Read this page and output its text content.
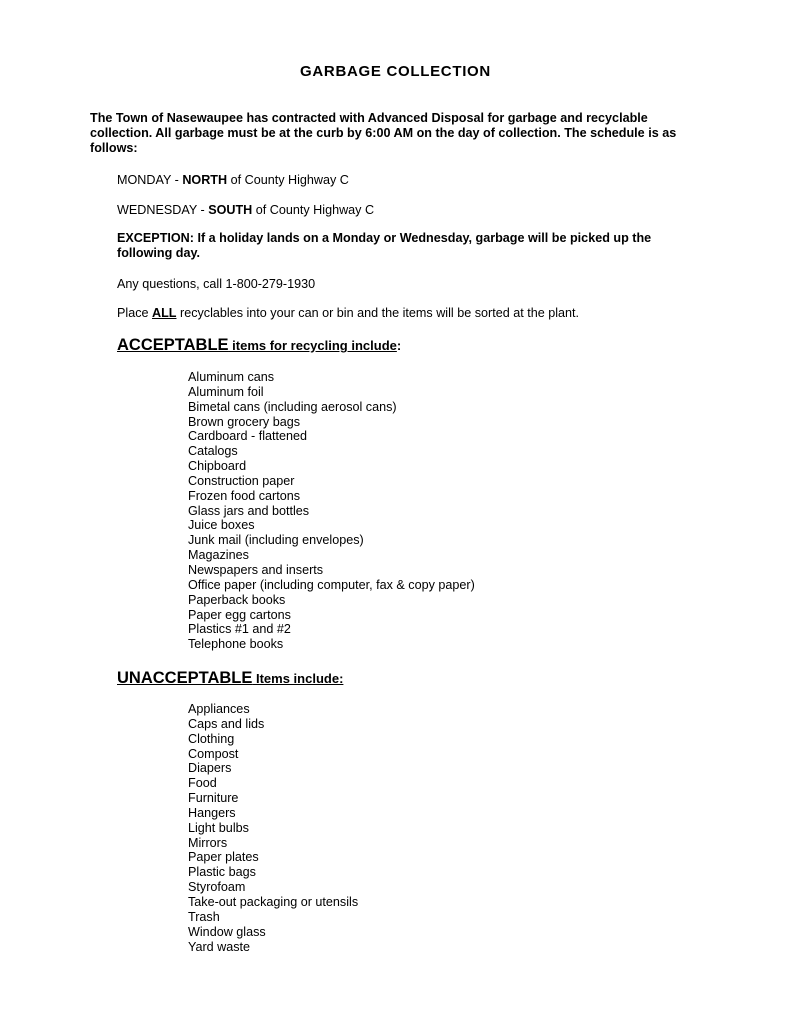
GARBAGE COLLECTION
The Town of Nasewaupee has contracted with Advanced Disposal for garbage and recyclable collection. All garbage must be at the curb by 6:00 AM on the day of collection. The schedule is as follows:
MONDAY - NORTH of County Highway C
WEDNESDAY - SOUTH of County Highway C
EXCEPTION: If a holiday lands on a Monday or Wednesday, garbage will be picked up the following day.
Any questions, call 1-800-279-1930
Place ALL recyclables into your can or bin and the items will be sorted at the plant.
ACCEPTABLE items for recycling include:
Aluminum cans
Aluminum foil
Bimetal cans (including aerosol cans)
Brown grocery bags
Cardboard - flattened
Catalogs
Chipboard
Construction paper
Frozen food cartons
Glass jars and bottles
Juice boxes
Junk mail (including envelopes)
Magazines
Newspapers and inserts
Office paper (including computer, fax & copy paper)
Paperback books
Paper egg cartons
Plastics #1 and #2
Telephone books
UNACCEPTABLE Items include:
Appliances
Caps and lids
Clothing
Compost
Diapers
Food
Furniture
Hangers
Light bulbs
Mirrors
Paper plates
Plastic bags
Styrofoam
Take-out packaging or utensils
Trash
Window glass
Yard waste
